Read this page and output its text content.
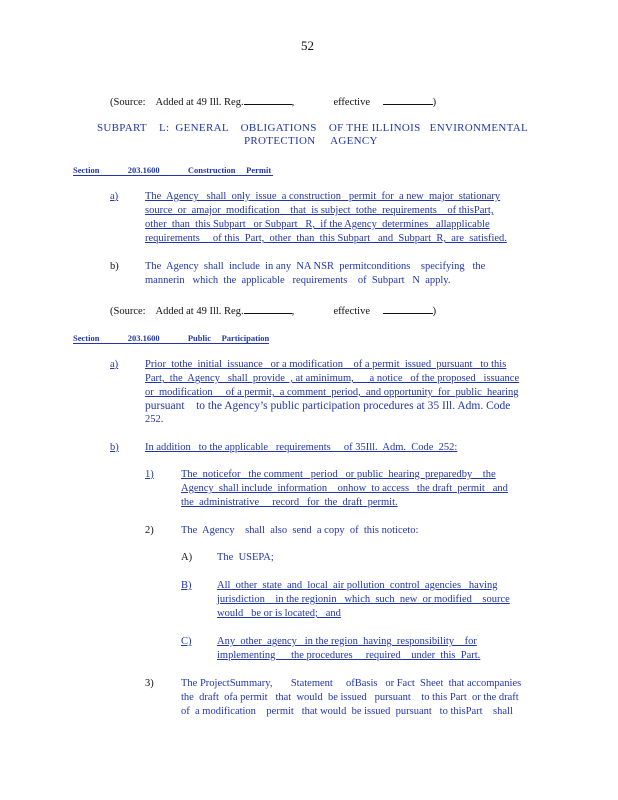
52
(Source: Added at 49 Ill. Reg.	,	effective	)
SUBPART    L:  GENERAL    OBLIGATIONS    OF THE ILLINOIS   ENVIRONMENTAL
PROTECTION     AGENCY
Section	203.1600	Construction     Permit
a)	The  Agency   shall  only  issue  a construction   permit  for  a new  major  stationary
source  or  amajor  modification    that  is subject  tothe  requirements    of thisPart,
other  than  this Subpart   or Subpart   R,  if the Agency  determines   allapplicable
requirements     of this  Part,  other  than  this Subpart   and  Subpart  R,  are  satisfied.
b)	The  Agency  shall  include  in any  NA NSR  permitconditions    specifying   the
mannerin   which  the  applicable   requirements    of  Subpart   N  apply.
(Source: Added at 49 Ill. Reg.	,	effective	)
Section	203.1600	Public     Participation
a)	Prior  tothe  initial  issuance   or a modification    of a permit  issued  pursuant   to this
Part,  the  Agency   shall  provide  , at aminimum,      a notice   of the proposed   issuance
or  modification     of a permit,  a comment  period,  and opportunity  for  public  hearing
pursuant    to the Agency’s public participation procedures at 35 Ill. Adm. Code
252.
b)	In addition   to the applicable   requirements     of 35Ill.  Adm.  Code  252:
1)	The  noticefor   the comment   period   or public  hearing  preparedby    the
Agency  shall include  information    onhow  to access   the draft  permit   and
the  administrative     record   for  the  draft  permit.
2)	The  Agency    shall  also  send  a copy  of  this noticeto:
A) The  USEPA;
B) All  other  state  and  local  air pollution  control  agencies   having
jurisdiction    in the regionin   which  such  new  or modified    source
would   be or is located;   and
C) Any  other  agency   in the region  having  responsibility    for
implementing      the procedures     required    under  this  Part.
3)	The ProjectSummary,       Statement     ofBasis   or Fact  Sheet  that accompanies
the  draft  ofa permit   that  would  be issued   pursuant    to this Part  or the draft
of  a modification    permit   that would  be issued  pursuant   to thisPart    shall
